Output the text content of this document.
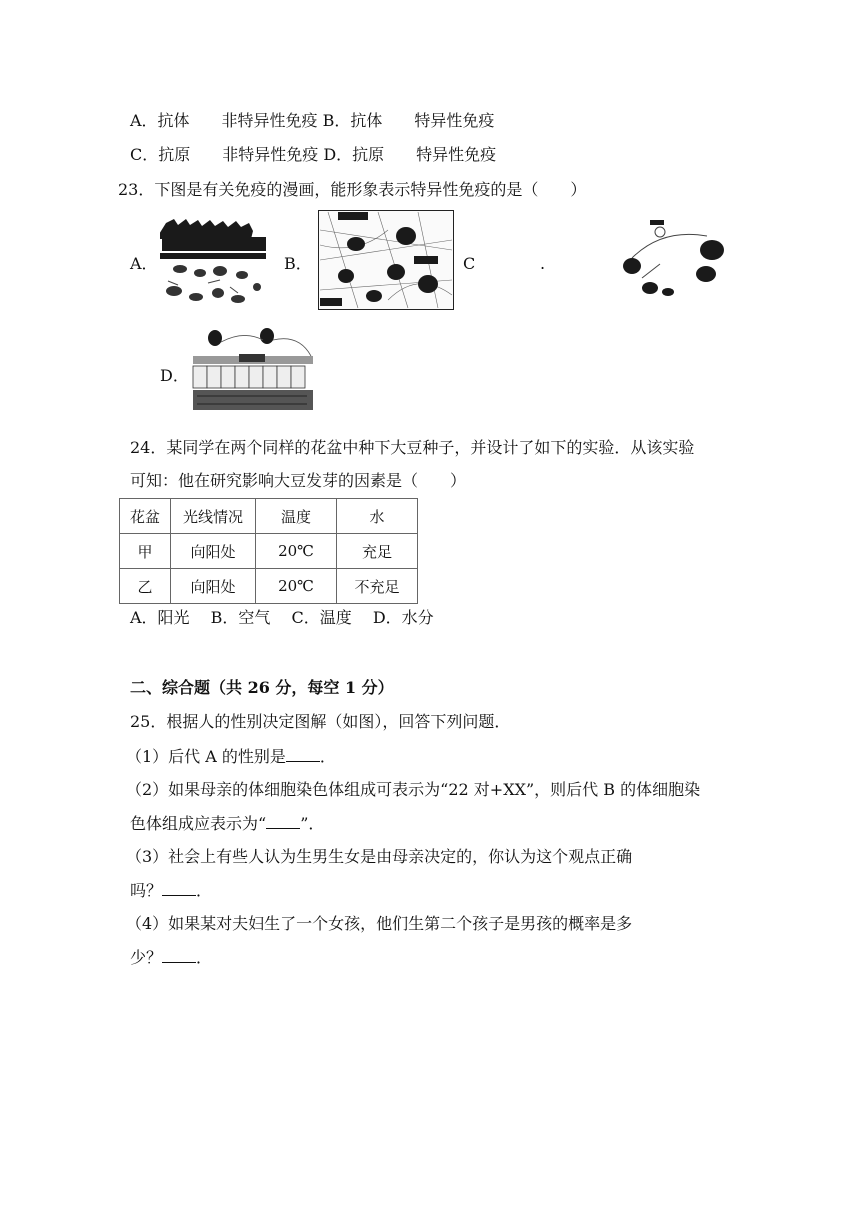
A．抗体　　非特异性免疫 B．抗体　　特异性免疫
C．抗原　　非特异性免疫 D．抗原　　特异性免疫
23．下图是有关免疫的漫画，能形象表示特异性免疫的是（　　）
A．	B．	C	.
D．
24．某同学在两个同样的花盆中种下大豆种子，并设计了如下的实验．从该实验
可知：他在研究影响大豆发芽的因素是（　　）
花盆	光线情况	温度	水
甲	向阳处	20℃	充足
乙	向阳处	20℃	不充足
A．阳光　 B．空气　 C．温度　 D．水分
二、综合题（共 26 分，每空 1 分）
25．根据人的性别决定图解（如图），回答下列问题．
（1）后代 A 的性别是 ．
（2）如果母亲的体细胞染色体组成可表示为“22 对+XX”，则后代 B 的体细胞染
色体组成应表示为“ ”．
（3）社会上有些人认为生男生女是由母亲决定的，你认为这个观点正确
吗？ ．
（4）如果某对夫妇生了一个女孩，他们生第二个孩子是男孩的概率是多
少？ ．
